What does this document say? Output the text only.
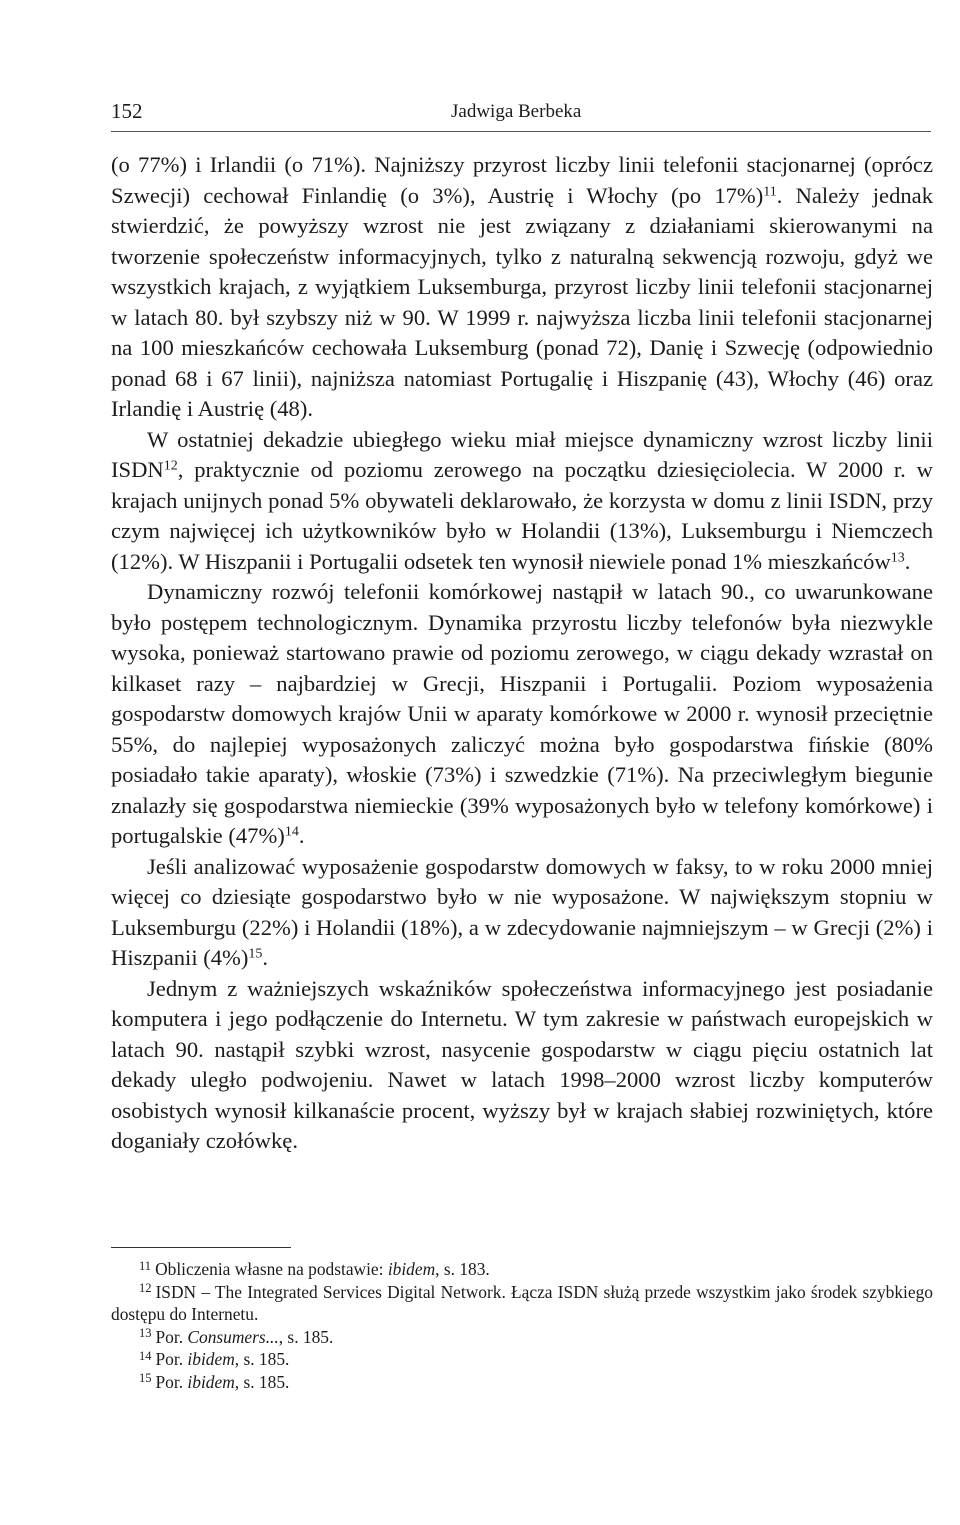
152	Jadwiga Berbeka

(o 77%) i Irlandii (o 71%). Najniższy przyrost liczby linii telefonii stacjonarnej (oprócz Szwecji) cechował Finlandię (o 3%), Austrię i Włochy (po 17%)$^{11}$. Należy jednak stwierdzić, że powyższy wzrost nie jest związany z działaniami skierowanymi na tworzenie społeczeństw informacyjnych, tylko z naturalną sekwencją rozwoju, gdyż we wszystkich krajach, z wyjątkiem Luksemburga, przyrost liczby linii telefonii stacjonarnej w latach 80. był szybszy niż w 90. W 1999 r. najwyższa liczba linii telefonii stacjonarnej na 100 mieszkańców cechowała Luksemburg (ponad 72), Danię i Szwecję (odpowiednio ponad 68 i 67 linii), najniższa natomiast Portugalię i Hiszpanię (43), Włochy (46) oraz Irlandię i Austrię (48).

W ostatniej dekadzie ubiegłego wieku miał miejsce dynamiczny wzrost liczby linii ISDN$^{12}$, praktycznie od poziomu zerowego na początku dziesięciolecia. W 2000 r. w krajach unijnych ponad 5% obywateli deklarowało, że korzysta w domu z linii ISDN, przy czym najwięcej ich użytkowników było w Holandii (13%), Luksemburgu i Niemczech (12%). W Hiszpanii i Portugalii odsetek ten wynosił niewiele ponad 1% mieszkańców$^{13}$.

Dynamiczny rozwój telefonii komórkowej nastąpił w latach 90., co uwarunkowane było postępem technologicznym. Dynamika przyrostu liczby telefonów była niezwykle wysoka, ponieważ startowano prawie od poziomu zerowego, w ciągu dekady wzrastał on kilkaset razy – najbardziej w Grecji, Hiszpanii i Portugalii. Poziom wyposażenia gospodarstw domowych krajów Unii w aparaty komórkowe w 2000 r. wynosił przeciętnie 55%, do najlepiej wyposażonych zaliczyć można było gospodarstwa fińskie (80% posiadało takie aparaty), włoskie (73%) i szwedzkie (71%). Na przeciwległym biegunie znalazły się gospodarstwa niemieckie (39% wyposażonych było w telefony komórkowe) i portugalskie $(47\%)^{14}$.

Jeśli analizować wyposażenie gospodarstw domowych w faksy, to w roku 2000 mniej więcej co dziesiąte gospodarstwo było w nie wyposażone. W największym stopniu w Luksemburgu (22%) i Holandii (18%), a w zdecydowanie najmniejszym – w Grecji (2%) i Hiszpanii $(4\%)^{15}$.

Jednym z ważniejszych wskaźników społeczeństwa informacyjnego jest posiadanie komputera i jego podłączenie do Internetu. W tym zakresie w państwach europejskich w latach 90. nastąpił szybki wzrost, nasycenie gospodarstw w ciągu pięciu ostatnich lat dekady uległo podwojeniu. Nawet w latach 1998–2000 wzrost liczby komputerów osobistych wynosił kilkanaście procent, wyższy był w krajach słabiej rozwiniętych, które doganiały czołówkę.

$^{11}$ Obliczenia własne na podstawie: ibidem, s. 183.

$^{12}$ ISDN – The Integrated Services Digital Network. Łącza ISDN służą przede wszystkim jako środek szybkiego dostępu do Internetu.

$^{13}$ Por. Consumers..., s. 185.

$^{14}$ Por. ibidem, s. 185.

$^{15}$ Por. ibidem, s. 185.
